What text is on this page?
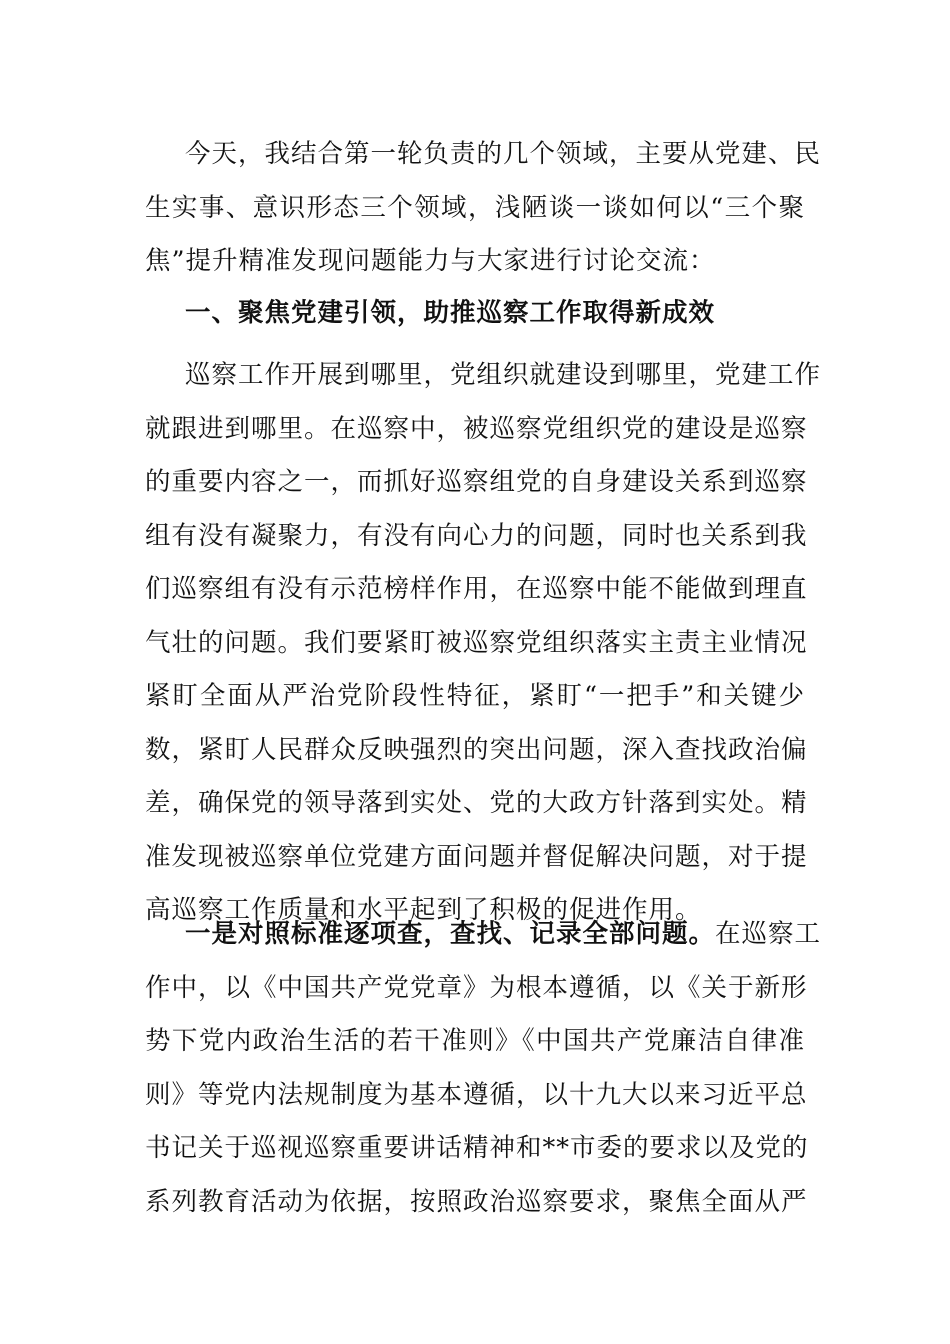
今天，我结合第一轮负责的几个领域，主要从党建、民
生实事、意识形态三个领域，浅陋谈一谈如何以“三个聚
焦”提升精准发现问题能力与大家进行讨论交流：
一、聚焦党建引领，助推巡察工作取得新成效
巡察工作开展到哪里，党组织就建设到哪里，党建工作
就跟进到哪里。在巡察中，被巡察党组织党的建设是巡察
的重要内容之一，而抓好巡察组党的自身建设关系到巡察
组有没有凝聚力，有没有向心力的问题，同时也关系到我
们巡察组有没有示范榜样作用，在巡察中能不能做到理直
气壮的问题。我们要紧盯被巡察党组织落实主责主业情况
紧盯全面从严治党阶段性特征，紧盯“一把手”和关键少
数，紧盯人民群众反映强烈的突出问题，深入查找政治偏
差，确保党的领导落到实处、党的大政方针落到实处。精
准发现被巡察单位党建方面问题并督促解决问题，对于提
高巡察工作质量和水平起到了积极的促进作用。
一是对照标准逐项查，查找、记录全部问题。在巡察工
作中，以《中国共产党党章》为根本遵循，以《关于新形
势下党内政治生活的若干准则》《中国共产党廉洁自律准
则》等党内法规制度为基本遵循，以十九大以来习近平总
书记关于巡视巡察重要讲话精神和**市委的要求以及党的
系列教育活动为依据，按照政治巡察要求，聚焦全面从严
